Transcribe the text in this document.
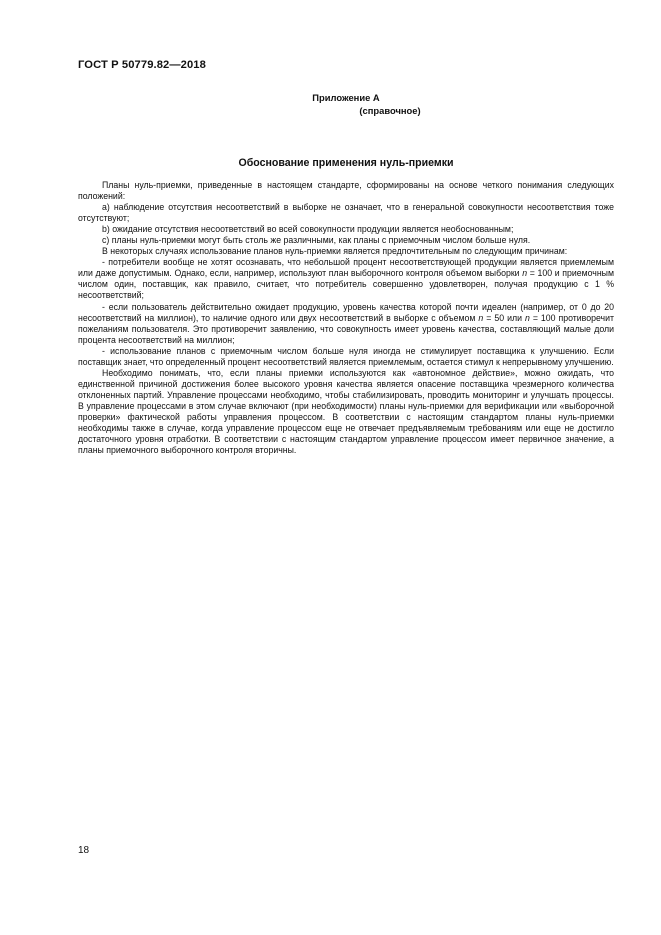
ГОСТ Р 50779.82—2018
Приложение А
(справочное)
Обоснование применения нуль-приемки

Планы нуль-приемки, приведенные в настоящем стандарте, сформированы на основе четкого понимания следующих положений:

a) наблюдение отсутствия несоответствий в выборке не означает, что в генеральной совокупности несоответствия тоже отсутствуют;

b) ожидание отсутствия несоответствий во всей совокупности продукции является необоснованным;

c) планы нуль-приемки могут быть столь же различными, как планы с приемочным числом больше нуля.

В некоторых случаях использование планов нуль-приемки является предпочтительным по следующим причинам:

- потребители вообще не хотят осознавать, что небольшой процент несоответствующей продукции является приемлемым или даже допустимым. Однако, если, например, используют план выборочного контроля объемом выборки n = 100 и приемочным числом один, поставщик, как правило, считает, что потребитель совершенно удовлетворен, получая продукцию с 1 % несоответствий;

- если пользователь действительно ожидает продукцию, уровень качества которой почти идеален (например, от 0 до 20 несоответствий на миллион), то наличие одного или двух несоответствий в выборке с объемом n = 50 или n = 100 противоречит пожеланиям пользователя. Это противоречит заявлению, что совокупность имеет уровень качества, составляющий малые доли процента несоответствий на миллион;

- использование планов с приемочным числом больше нуля иногда не стимулирует поставщика к улучшению. Если поставщик знает, что определенный процент несоответствий является приемлемым, остается стимул к непрерывному улучшению.

Необходимо понимать, что, если планы приемки используются как «автономное действие», можно ожидать, что единственной причиной достижения более высокого уровня качества является опасение поставщика чрезмерного количества отклоненных партий. Управление процессами необходимо, чтобы стабилизировать, проводить мониторинг и улучшать процессы. В управление процессами в этом случае включают (при необходимости) планы нуль-приемки для верификации или «выборочной проверки» фактической работы управления процессом. В соответствии с настоящим стандартом планы нуль-приемки необходимы также в случае, когда управление процессом еще не отвечает предъявляемым требованиям или еще не достигло достаточного уровня отработки. В соответствии с настоящим стандартом управление процессом имеет первичное значение, а планы приемочного выборочного контроля вторичны.

18
